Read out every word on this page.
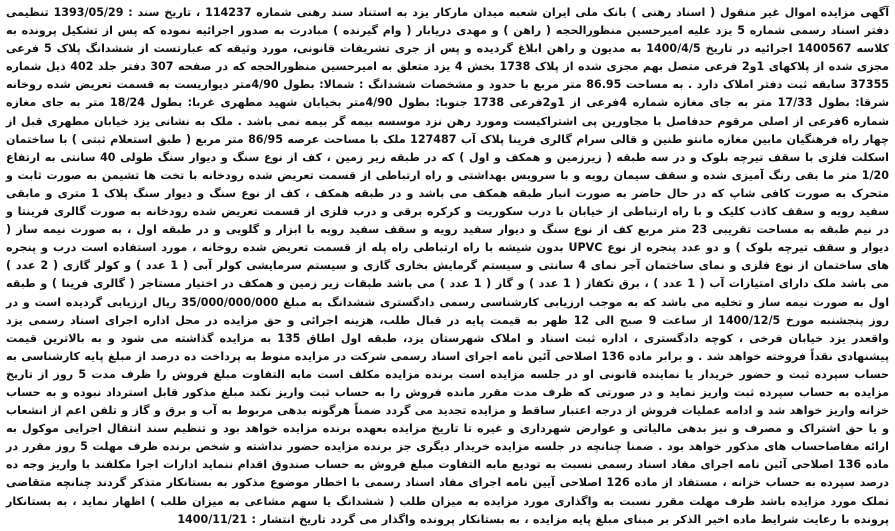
آگهی مزایده اموال غیر منقول ( اسناد رهنی ) بانک ملی ایران شعبه میدان مارکار یزد به استناد سند رهنی شماره 114237 ، تاریخ سند : 1393/05/29 تنظیمی دفتر اسناد رسمی شماره 5 یزد علیه امیرحسین منظورالحجه ( راهن ) و مهدی دریابار ( وام گیرنده ) مبادرت به صدور اجرائیه نموده که پس از تشکیل پرونده به کلاسه 1400567 اجرائیه در تاریخ 1400/4/5 به مدیون و راهن ابلاغ گردیده و پس از جری تشریفات قانونی، مورد وثیقه که عبارتست از ششدانگ پلاک 5 فرعی مجزی شده از پلاکهای 1و2 فرعی متصل بهم مجزی شده از پلاک 1738 بخش 4 یزد متعلق به امیرحسین منظورالحجه که در صفحه 307 دفتر جلد 402 ذیل شماره 37355 سابقه ثبت دفتر املاک دارد . به مساحت 86.95 متر مربع با حدود و مشخصات ششدانگ : شمالا: بطول 4/90متر دیواریست به قسمت تعریض شده روخانه شرقا: بطول 17/33 متر به جای مغازه شماره 4فرعی از 1و2فرعی 1738 جنوبا: بطول 4/90متر بخیابان شهید مطهری غربا: بطول 18/24 متر به جای مغازه شماره 6فرعی از اصلی مرقوم حدفاصل با مجاورین پی اشتراکیست ومورد رهن نزد موسسه بیمه گر بیمه نمی باشد . ملک به نشانی یزد خیابان مطهری قبل از چهار راه فرهنگیان مابین مغازه مانتو طنین و قالی سرام گالری فرینا پلاک آب 127487 ملک با مساحت عرصه 86/95 متر مربع ( طبق استعلام ثبتی ) با ساختمان اسکلت فلزی با سقف تیرچه بلوک و در سه طبقه ( زیرزمین و همکف و اول ) که در طبقه زیر زمین ، کف از نوع سنگ و دیوار سنگ طولی 40 سانتی به ارتفاع 1/20 متر ما بقی رنگ آمیزی شده و سقف سیمان رویه و با سرویس بهداشتی و راه ارتباطی از قسمت تعریض شده رودخانه با تخت ها تشیمن به صورت ثابت و متحرک به صورت کافی شاپ که در حال حاضر به صورت انبار طبقه همکف می باشد و در طبقه همکف ، کف از نوع سنگ و دیوار سنگ پلاک 1 متری و مابقی سفید رویه و سقف کاذب کلیک و با راه ارتباطی از خیابان با درب سکوریت و کرکره برقی و درب فلزی از قسمت تعریض شده رودخانه به صورت گالری فرینتا و در نیم طبقه به مساحت تقریبی 23 متر مربع کف از نوع سنگ و دیوار سفید رویه و سقف سفید رویه با ابزار و گلویی و در طبقه اول ، به صورت نیمه ساز ( دیوار و سقف تیرچه بلوک ) و دو عدد پنجره از نوع UPVC بدون شیشه با راه ارتباطی راه پله از قسمت تعریض شده روخانه ، مورد استفاده است درب و پنجره های ساختمان از نوع فلزی و نمای ساختمان آجر نمای 4 سانتی و سیستم گرمایش بخاری گازی و سیستم سرمایشی کولر آبی ( 1 عدد ) و کولر گازی ( 2 عدد ) می باشد ملک دارای امتیازات آب ( 1 عدد ) ، برق تکفاز ( 1 عدد ) و گاز ( 1 عدد ) می باشد طبقات زیر زمین و همکف در اختیار مستاجر ( گالری فرینا ) و طبقه اول به صورت نیمه ساز و تخلیه می باشد که به موجب ارزیابی کارشناسی رسمی دادگستری ششدانگ به مبلغ 35/000/000/000 ریال ارزیابی گردیده است و در روز پنجشنبه مورخ 1400/12/5 از ساعت 9 صبح الی 12 ظهر به قیمت پایه در قبال طلب، هزینه اجرائی و حق مزایده در محل اداره اجرای اسناد رسمی یزد واقعدر یزد خیابان فرخی ، کوچه دادگستری ، اداره ثبت اسناد و املاک شهرستان یزد، طبقه اول اطاق 135 به مزایده گذاشته می شود و به بالاترین قیمت پیشنهادی نقداً فروخته خواهد شد . و برابر ماده 136 اصلاحی آئین نامه اجرای اسناد رسمی شرکت در مزایده منوط به پرداخت ده درصد از مبلغ پایه کارشناسی به حساب سپرده ثبت و حضور خریدار یا نماینده قانونی او در جلسه مزایده است برنده مزایده مکلف است مابه التفاوت مبلغ فروش را ظرف مدت 5 روز از تاریخ مزایده به حساب سپرده ثبت واریز نماید و در صورتی که ظرف مدت مقرر مانده فروش را به حساب ثبت واریز نکند مبلغ مذکور قابل استرداد نبوده و به حساب خزانه واریز خواهد شد و ادامه عملیات فروش از درجه اعتبار ساقط و مزایده تجدید می گردد ضمناً هرگونه بدهی مربوط به آب و برق و گاز و تلفن اعم از انشعاب و یا حق اشتراک و مصرف و نیز بدهی مالیاتی و عوارض شهرداری و غیره تا تاریخ مزایده بعهده برنده مزایده خواهد بود و تنظیم سند انتقال اجرایی موکول به ارائه مفاصاحساب های مذکور خواهد بود . ضمنا چنانچه در جلسه مزایده خریدار دیگری جز برنده مزایده حضور نداشته و شخص برنده ظرف مهلت 5 روز مقرر در ماده 136 اصلاحی آئین نامه اجرای مفاد اسناد رسمی نسبت به تودیع مابه التفاوت مبلغ فروش به حساب صندوق اقدام ننماید ادارات اجرا مکلفند با واریز وجه ده درصد سپرده به حساب خزانه ، مستفاد از ماده 126 اصلاحی آیین نامه اجرای مفاد اسناد رسمی با اخطار موضوع مذکور به بستانکار متذکر گردند چنانچه متقاضی تملک مورد مزایده باشد ظرف مهلت مقرر نسبت به واگذاری مورد مزایده به میزان طلب ( ششدانگ یا سهم مشاعی به میزان طلب ) اظهار نماید ، به بستانکار پرونده با رعایت شرایط ماده اخیر الذکر بر مبنای مبلغ پایه مزایده ، به بستانکار پرونده واگذار می گردد تاریخ انتشار : 1400/11/21
